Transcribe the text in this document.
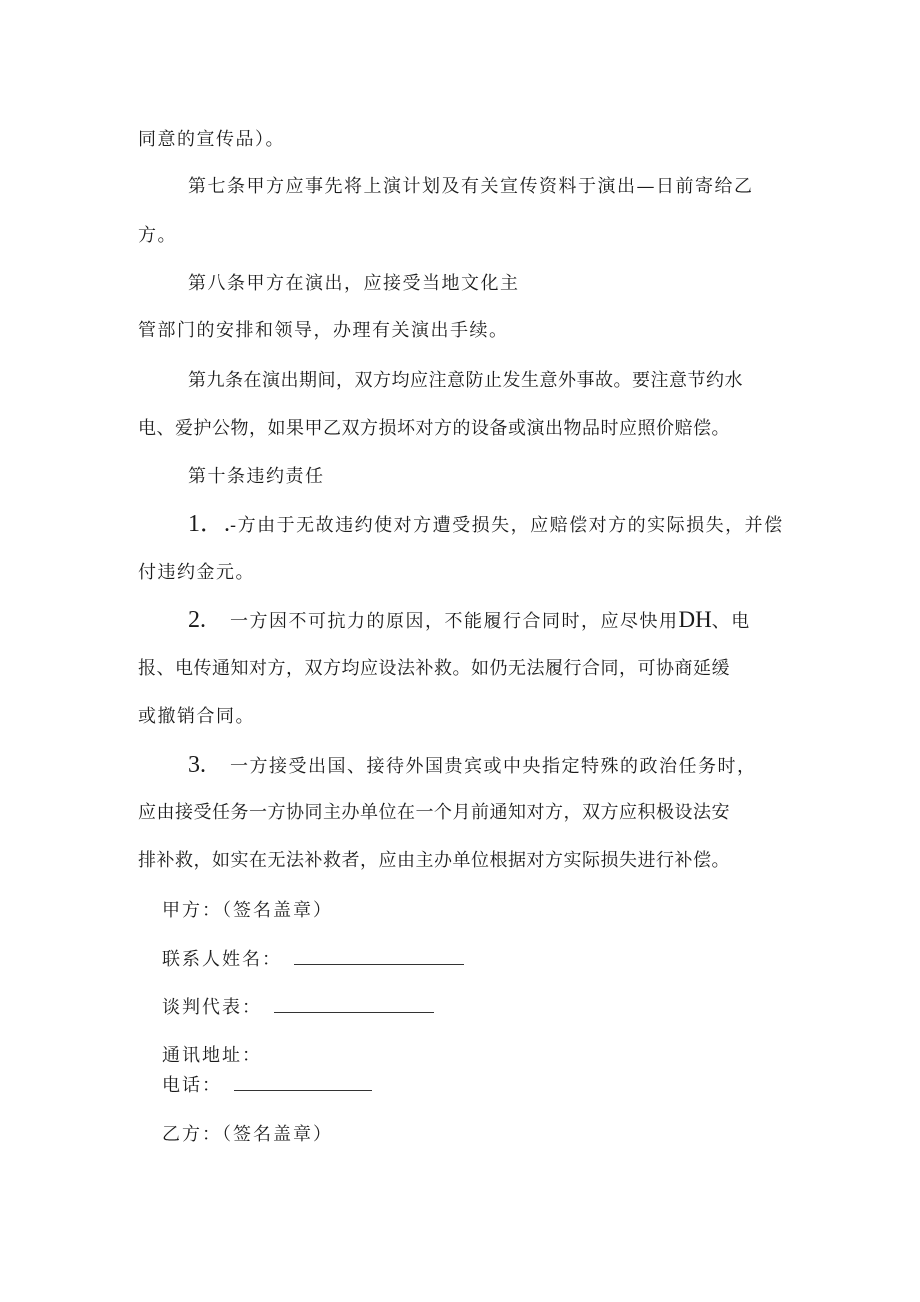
同意的宣传品）。
第七条甲方应事先将上演计划及有关宣传资料于演出—日前寄给乙
方。
第八条甲方在演出，应接受当地文化主
管部门的安排和领导，办理有关演出手续。
第九条在演出期间，双方均应注意防止发生意外事故。要注意节约水
电、爱护公物，如果甲乙双方损坏对方的设备或演出物品时应照价赔偿。
第十条违约责任
1．.-方由于无故违约使对方遭受损失，应赔偿对方的实际损失，并偿
付违约金元。
2. 一方因不可抗力的原因，不能履行合同时，应尽快用DH、电
报、电传通知对方，双方均应设法补救。如仍无法履行合同，可协商延缓
或撤销合同。
3. 一方接受出国、接待外国贵宾或中央指定特殊的政治任务时，
应由接受任务一方协同主办单位在一个月前通知对方，双方应积极设法安
排补救，如实在无法补救者，应由主办单位根据对方实际损失进行补偿。
甲方：（签名盖章）
联系人姓名：
谈判代表：
通讯地址：
电话：
乙方：（签名盖章）
